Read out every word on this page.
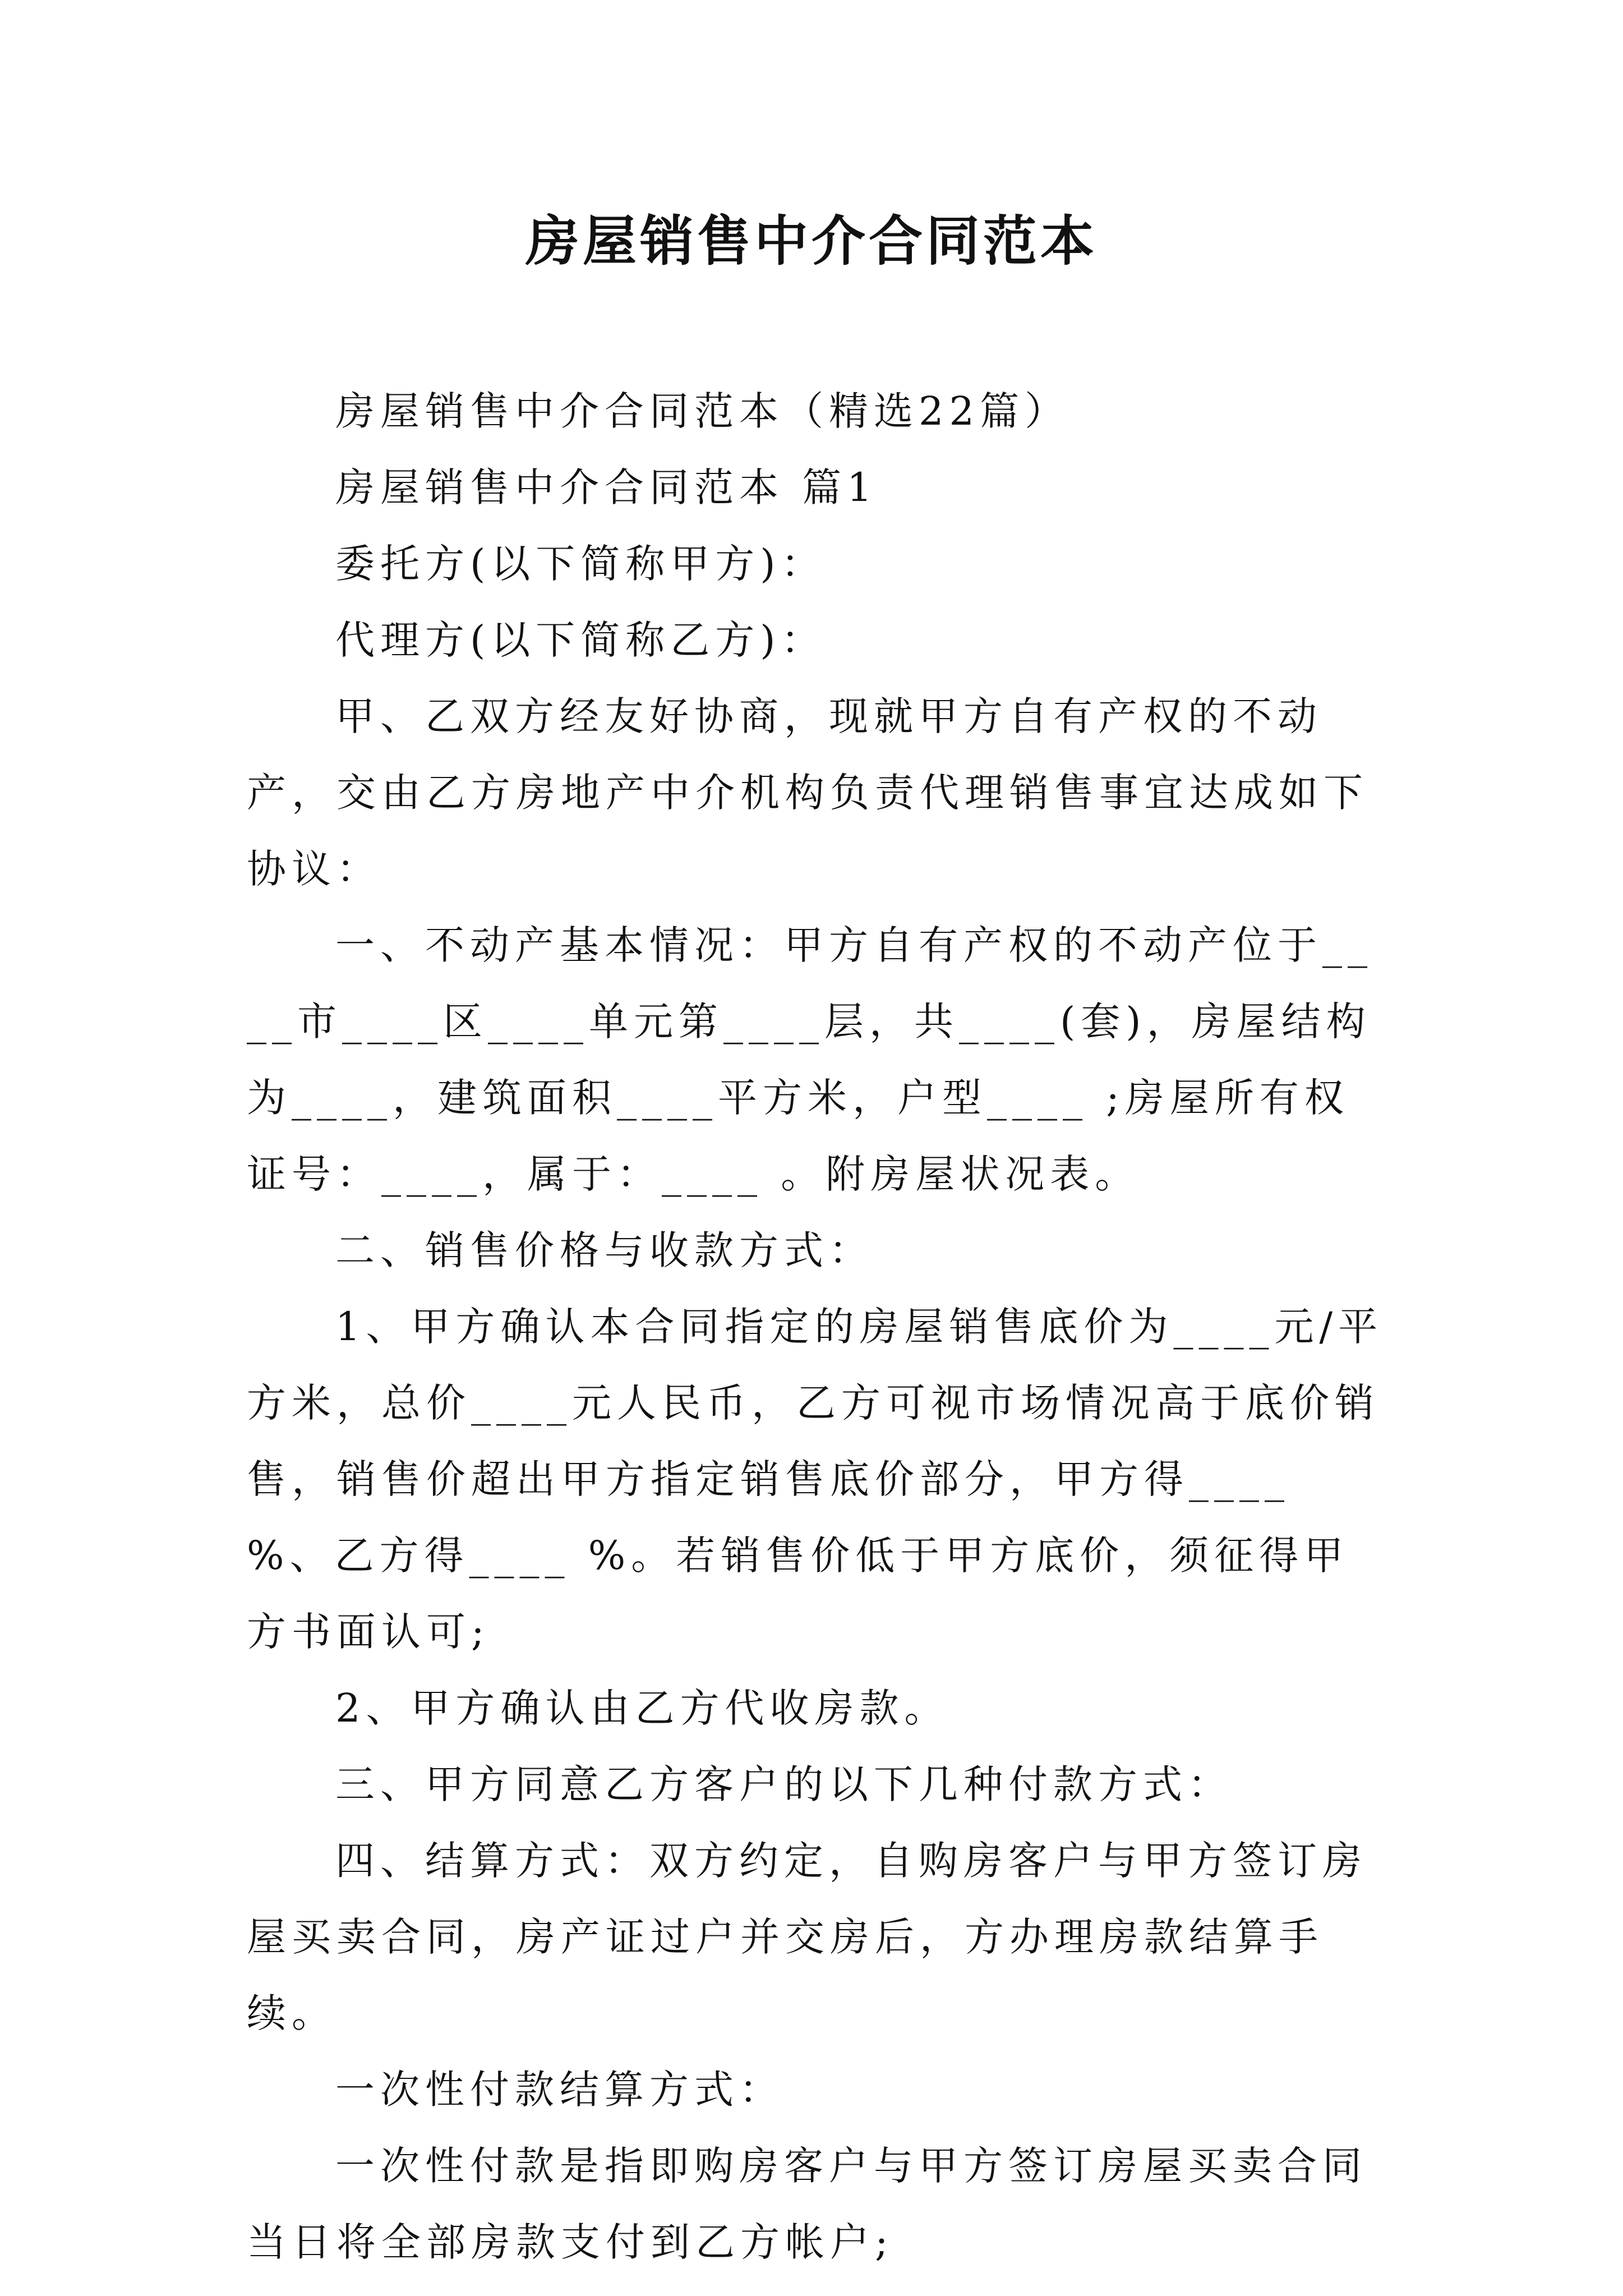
房屋销售中介合同范本

房屋销售中介合同范本（精选22篇）

房屋销售中介合同范本 篇1

委托方(以下简称甲方)：

代理方(以下简称乙方)：

甲、乙双方经友好协商，现就甲方自有产权的不动产，交由乙方房地产中介机构负责代理销售事宜达成如下协议：

一、不动产基本情况：甲方自有产权的不动产位于____市____区____单元第____层，共____(套)，房屋结构为____，建筑面积____平方米，户型____ ;房屋所有权证号：____，属于：____ 。附房屋状况表。

二、销售价格与收款方式：

1、甲方确认本合同指定的房屋销售底价为____元/平方米，总价____元人民币，乙方可视市场情况高于底价销售，销售价超出甲方指定销售底价部分，甲方得____ %、乙方得____ %。若销售价低于甲方底价，须征得甲方书面认可;

2、甲方确认由乙方代收房款。

三、甲方同意乙方客户的以下几种付款方式：

四、结算方式：双方约定，自购房客户与甲方签订房屋买卖合同，房产证过户并交房后，方办理房款结算手续。

一次性付款结算方式：

一次性付款是指即购房客户与甲方签订房屋买卖合同当日将全部房款支付到乙方帐户;
